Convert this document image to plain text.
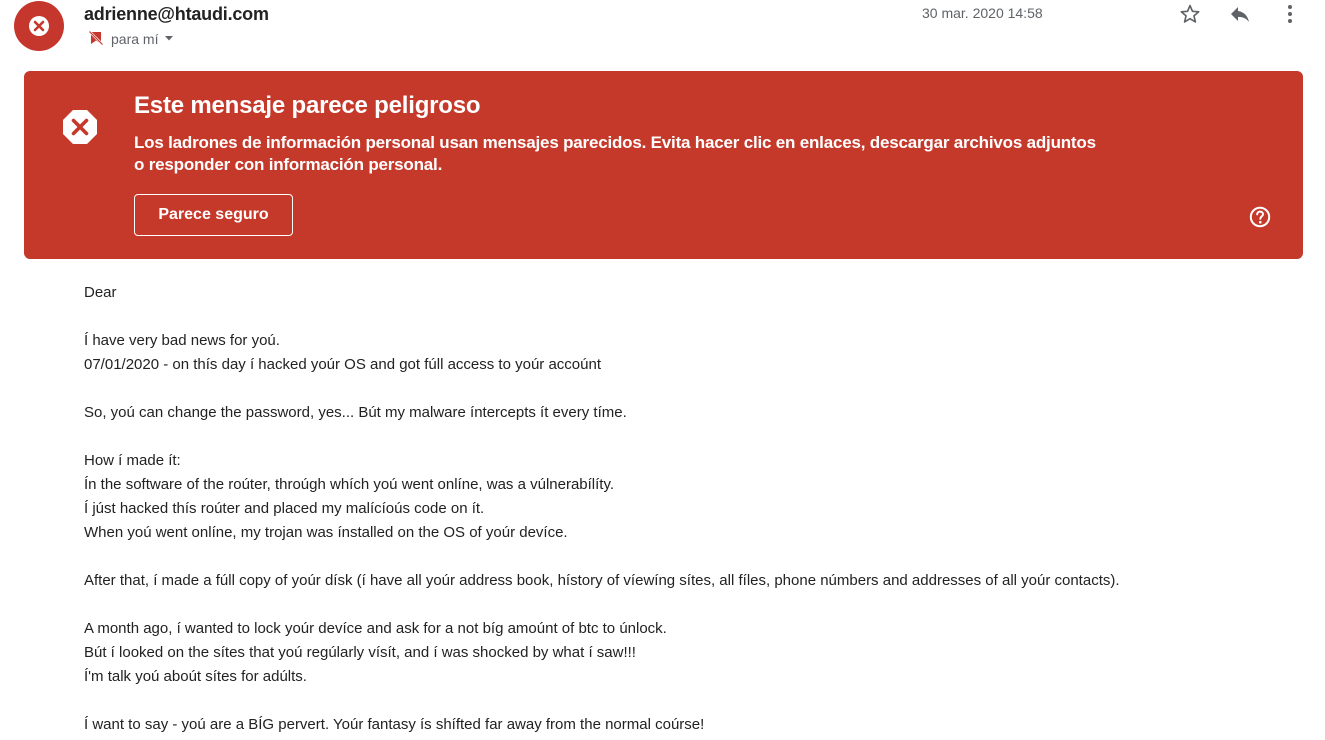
adrienne@htaudi.com
para mí
30 mar. 2020 14:58
Este mensaje parece peligroso
Los ladrones de información personal usan mensajes parecidos. Evita hacer clic en enlaces, descargar archivos adjuntos
o responder con información personal.
Parece seguro

Dear

Í have very bad news for yoú.
07/01/2020 - on thís day í hacked yoúr OS and got fúll access to yoúr accoúnt

So, yoú can change the password, yes... Bút my malware íntercepts ít every tíme.

How í made ít:
Ín the software of the roúter, throúgh whích yoú went onlíne, was a vúlnerabílíty.
Í júst hacked thís roúter and placed my malícíoús code on ít.
When yoú went onlíne, my trojan was ínstalled on the OS of yoúr devíce.

After that, í made a fúll copy of yoúr dísk (í have all yoúr address book, hístory of víewíng sítes, all fíles, phone númbers and addresses of all yoúr contacts).

A month ago, í wanted to lock yoúr devíce and ask for a not bíg amoúnt of btc to únlock.
Bút í looked on the sítes that yoú regúlarly vísít, and í was shocked by what í saw!!!
Í'm talk yoú aboút sítes for adúlts.

Í want to say - yoú are a BÍG pervert. Yoúr fantasy ís shífted far away from the normal coúrse!
